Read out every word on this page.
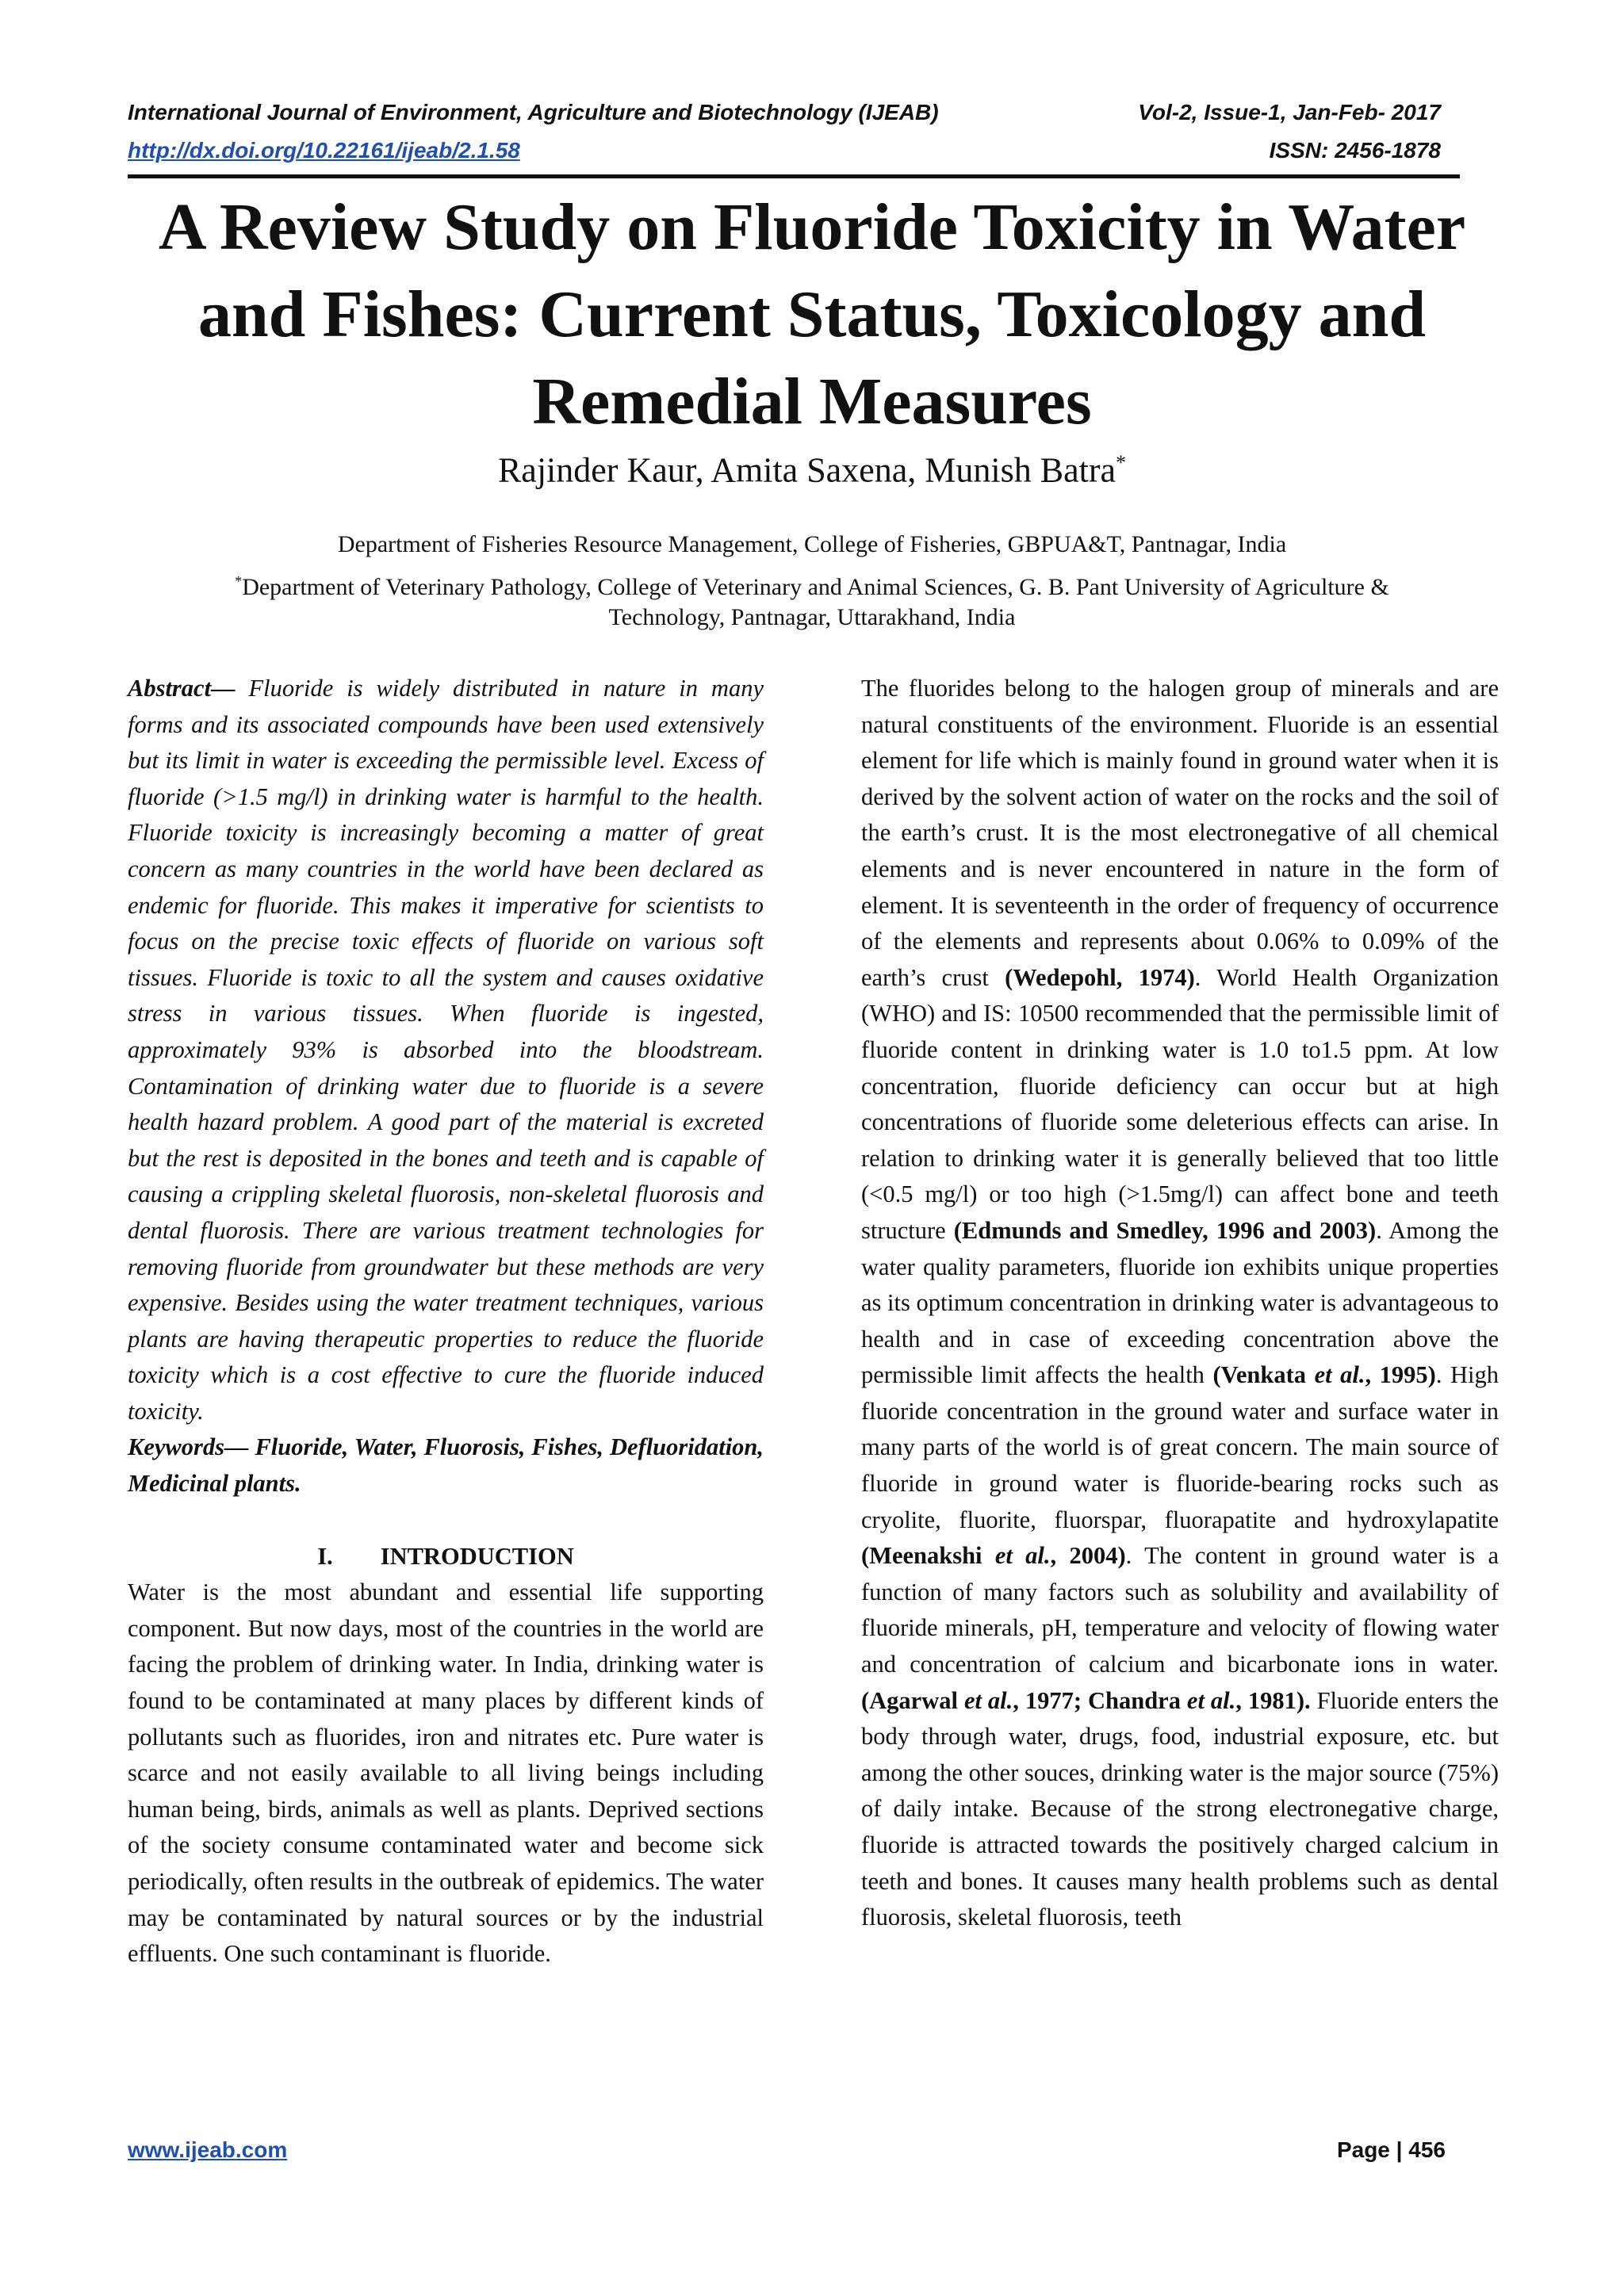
International Journal of Environment, Agriculture and Biotechnology (IJEAB)	Vol-2, Issue-1, Jan-Feb- 2017
http://dx.doi.org/10.22161/ijeab/2.1.58	ISSN: 2456-1878
A Review Study on Fluoride Toxicity in Water
and Fishes: Current Status, Toxicology and
Remedial Measures
Rajinder Kaur, Amita Saxena, Munish Batra*
Department of Fisheries Resource Management, College of Fisheries, GBPUA&T, Pantnagar, India
*Department of Veterinary Pathology, College of Veterinary and Animal Sciences, G. B. Pant University of Agriculture &
Technology, Pantnagar, Uttarakhand, India

Abstract— Fluoride is widely distributed in nature in many forms and its associated compounds have been used extensively but its limit in water is exceeding the permissible level. Excess of fluoride (>1.5 mg/l) in drinking water is harmful to the health. Fluoride toxicity is increasingly becoming a matter of great concern as many countries in the world have been declared as endemic for fluoride. This makes it imperative for scientists to focus on the precise toxic effects of fluoride on various soft tissues. Fluoride is toxic to all the system and causes oxidative stress in various tissues. When fluoride is ingested, approximately 93% is absorbed into the bloodstream. Contamination of drinking water due to fluoride is a severe health hazard problem. A good part of the material is excreted but the rest is deposited in the bones and teeth and is capable of causing a crippling skeletal fluorosis, non-skeletal fluorosis and dental fluorosis. There are various treatment technologies for removing fluoride from groundwater but these methods are very expensive. Besides using the water treatment techniques, various plants are having therapeutic properties to reduce the fluoride toxicity which is a cost effective to cure the fluoride induced toxicity.

Keywords— Fluoride, Water, Fluorosis, Fishes, Defluoridation, Medicinal plants.

I. INTRODUCTION

Water is the most abundant and essential life supporting component. But now days, most of the countries in the world are facing the problem of drinking water. In India, drinking water is found to be contaminated at many places by different kinds of pollutants such as fluorides, iron and nitrates etc. Pure water is scarce and not easily available to all living beings including human being, birds, animals as well as plants. Deprived sections of the society consume contaminated water and become sick periodically, often results in the outbreak of epidemics. The water may be contaminated by natural sources or by the industrial effluents. One such contaminant is fluoride.

The fluorides belong to the halogen group of minerals and are natural constituents of the environment. Fluoride is an essential element for life which is mainly found in ground water when it is derived by the solvent action of water on the rocks and the soil of the earth’s crust. It is the most electronegative of all chemical elements and is never encountered in nature in the form of element. It is seventeenth in the order of frequency of occurrence of the elements and represents about 0.06% to 0.09% of the earth’s crust (Wedepohl, 1974). World Health Organization (WHO) and IS: 10500 recommended that the permissible limit of fluoride content in drinking water is 1.0 to1.5 ppm. At low concentration, fluoride deficiency can occur but at high concentrations of fluoride some deleterious effects can arise. In relation to drinking water it is generally believed that too little (<0.5 mg/l) or too high (>1.5mg/l) can affect bone and teeth structure (Edmunds and Smedley, 1996 and 2003). Among the water quality parameters, fluoride ion exhibits unique properties as its optimum concentration in drinking water is advantageous to health and in case of exceeding concentration above the permissible limit affects the health (Venkata et al., 1995). High fluoride concentration in the ground water and surface water in many parts of the world is of great concern. The main source of fluoride in ground water is fluoride-bearing rocks such as cryolite, fluorite, fluorspar, fluorapatite and hydroxylapatite (Meenakshi et al., 2004). The content in ground water is a function of many factors such as solubility and availability of fluoride minerals, pH, temperature and velocity of flowing water and concentration of calcium and bicarbonate ions in water. (Agarwal et al., 1977; Chandra et al., 1981). Fluoride enters the body through water, drugs, food, industrial exposure, etc. but among the other souces, drinking water is the major source (75%) of daily intake. Because of the strong electronegative charge, fluoride is attracted towards the positively charged calcium in teeth and bones. It causes many health problems such as dental fluorosis, skeletal fluorosis, teeth

www.ijeab.com	Page | 456
